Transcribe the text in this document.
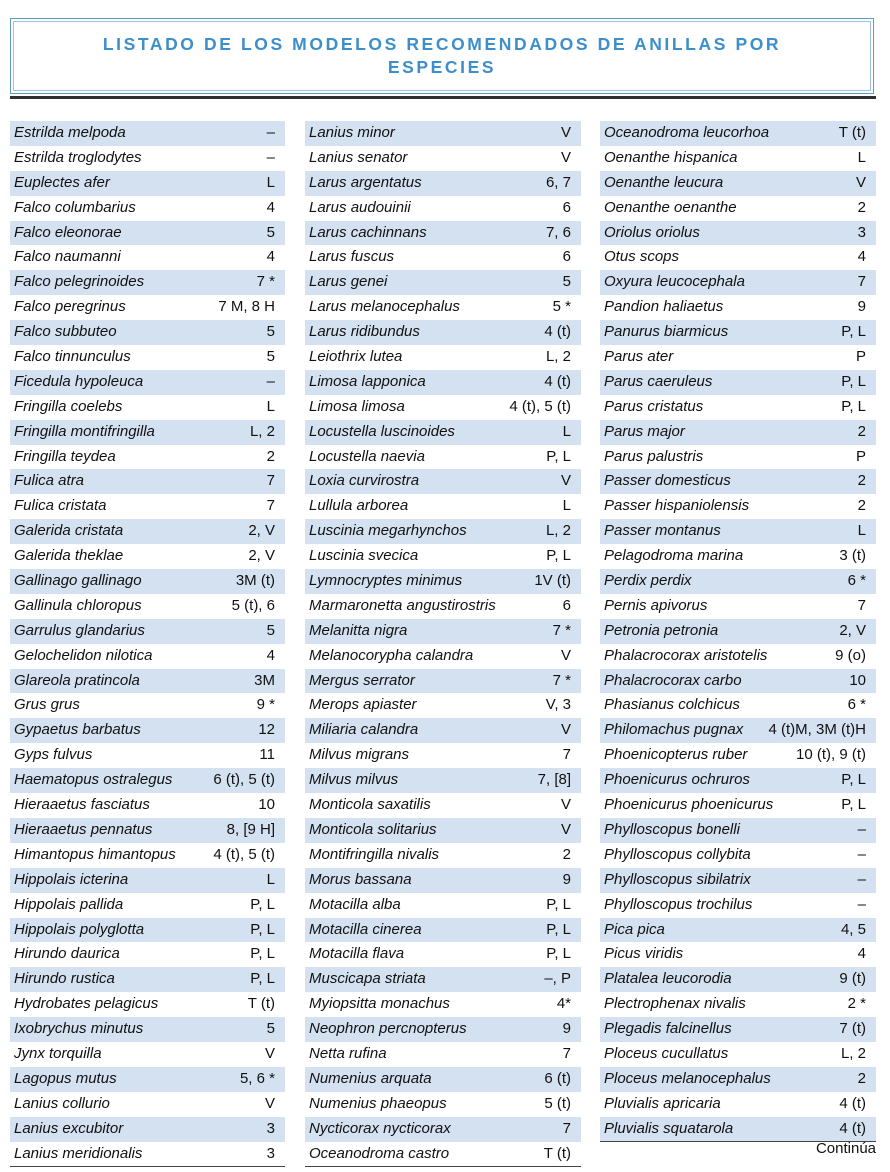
LISTADO DE LOS MODELOS RECOMENDADOS DE ANILLAS POR
ESPECIES
Estrilda melpoda	–
Estrilda troglodytes	–
Euplectes afer	L
Falco columbarius	4
Falco eleonorae	5
Falco naumanni	4
Falco pelegrinoides	7 *
Falco peregrinus	7 M, 8 H
Falco subbuteo	5
Falco tinnunculus	5
Ficedula hypoleuca	–
Fringilla coelebs	L
Fringilla montifringilla	L, 2
Fringilla teydea	2
Fulica atra	7
Fulica cristata	7
Galerida cristata	2, V
Galerida theklae	2, V
Gallinago gallinago	3M (t)
Gallinula chloropus	5 (t), 6
Garrulus glandarius	5
Gelochelidon nilotica	4
Glareola pratincola	3M
Grus grus	9 *
Gypaetus barbatus	12
Gyps fulvus	11
Haematopus ostralegus	6 (t), 5 (t)
Hieraaetus fasciatus	10
Hieraaetus pennatus	8, [9 H]
Himantopus himantopus	4 (t), 5 (t)
Hippolais icterina	L
Hippolais pallida	P, L
Hippolais polyglotta	P, L
Hirundo daurica	P, L
Hirundo rustica	P, L
Hydrobates pelagicus	T (t)
Ixobrychus minutus	5
Jynx torquilla	V
Lagopus mutus	5, 6 *
Lanius collurio	V
Lanius excubitor	3
Lanius meridionalis	3
Lanius minor	V
Lanius senator	V
Larus argentatus	6, 7
Larus audouinii	6
Larus cachinnans	7, 6
Larus fuscus	6
Larus genei	5
Larus melanocephalus	5 *
Larus ridibundus	4 (t)
Leiothrix lutea	L, 2
Limosa lapponica	4 (t)
Limosa limosa	4 (t), 5 (t)
Locustella luscinoides	L
Locustella naevia	P, L
Loxia curvirostra	V
Lullula arborea	L
Luscinia megarhynchos	L, 2
Luscinia svecica	P, L
Lymnocryptes minimus	1V (t)
Marmaronetta angustirostris	6
Melanitta nigra	7 *
Melanocorypha calandra	V
Mergus serrator	7 *
Merops apiaster	V, 3
Miliaria calandra	V
Milvus migrans	7
Milvus milvus	7, [8]
Monticola saxatilis	V
Monticola solitarius	V
Montifringilla nivalis	2
Morus bassana	9
Motacilla alba	P, L
Motacilla cinerea	P, L
Motacilla flava	P, L
Muscicapa striata	–, P
Myiopsitta monachus	4*
Neophron percnopterus	9
Netta rufina	7
Numenius arquata	6 (t)
Numenius phaeopus	5 (t)
Nycticorax nycticorax	7
Oceanodroma castro	T (t)
Oceanodroma leucorhoa	T (t)
Oenanthe hispanica	L
Oenanthe leucura	V
Oenanthe oenanthe	2
Oriolus oriolus	3
Otus scops	4
Oxyura leucocephala	7
Pandion haliaetus	9
Panurus biarmicus	P, L
Parus ater	P
Parus caeruleus	P, L
Parus cristatus	P, L
Parus major	2
Parus palustris	P
Passer domesticus	2
Passer hispaniolensis	2
Passer montanus	L
Pelagodroma marina	3 (t)
Perdix perdix	6 *
Pernis apivorus	7
Petronia petronia	2, V
Phalacrocorax aristotelis	9 (o)
Phalacrocorax carbo	10
Phasianus colchicus	6 *
Philomachus pugnax 4 (t)M, 3M (t)H
Phoenicopterus ruber	10 (t), 9 (t)
Phoenicurus ochruros	P, L
Phoenicurus phoenicurus	P, L
Phylloscopus bonelli	–
Phylloscopus collybita	–
Phylloscopus sibilatrix	–
Phylloscopus trochilus	–
Pica pica	4, 5
Picus viridis	4
Platalea leucorodia	9 (t)
Plectrophenax nivalis	2 *
Plegadis falcinellus	7 (t)
Ploceus cucullatus	L, 2
Ploceus melanocephalus	2
Pluvialis apricaria	4 (t)
Pluvialis squatarola	4 (t)
Continúa
